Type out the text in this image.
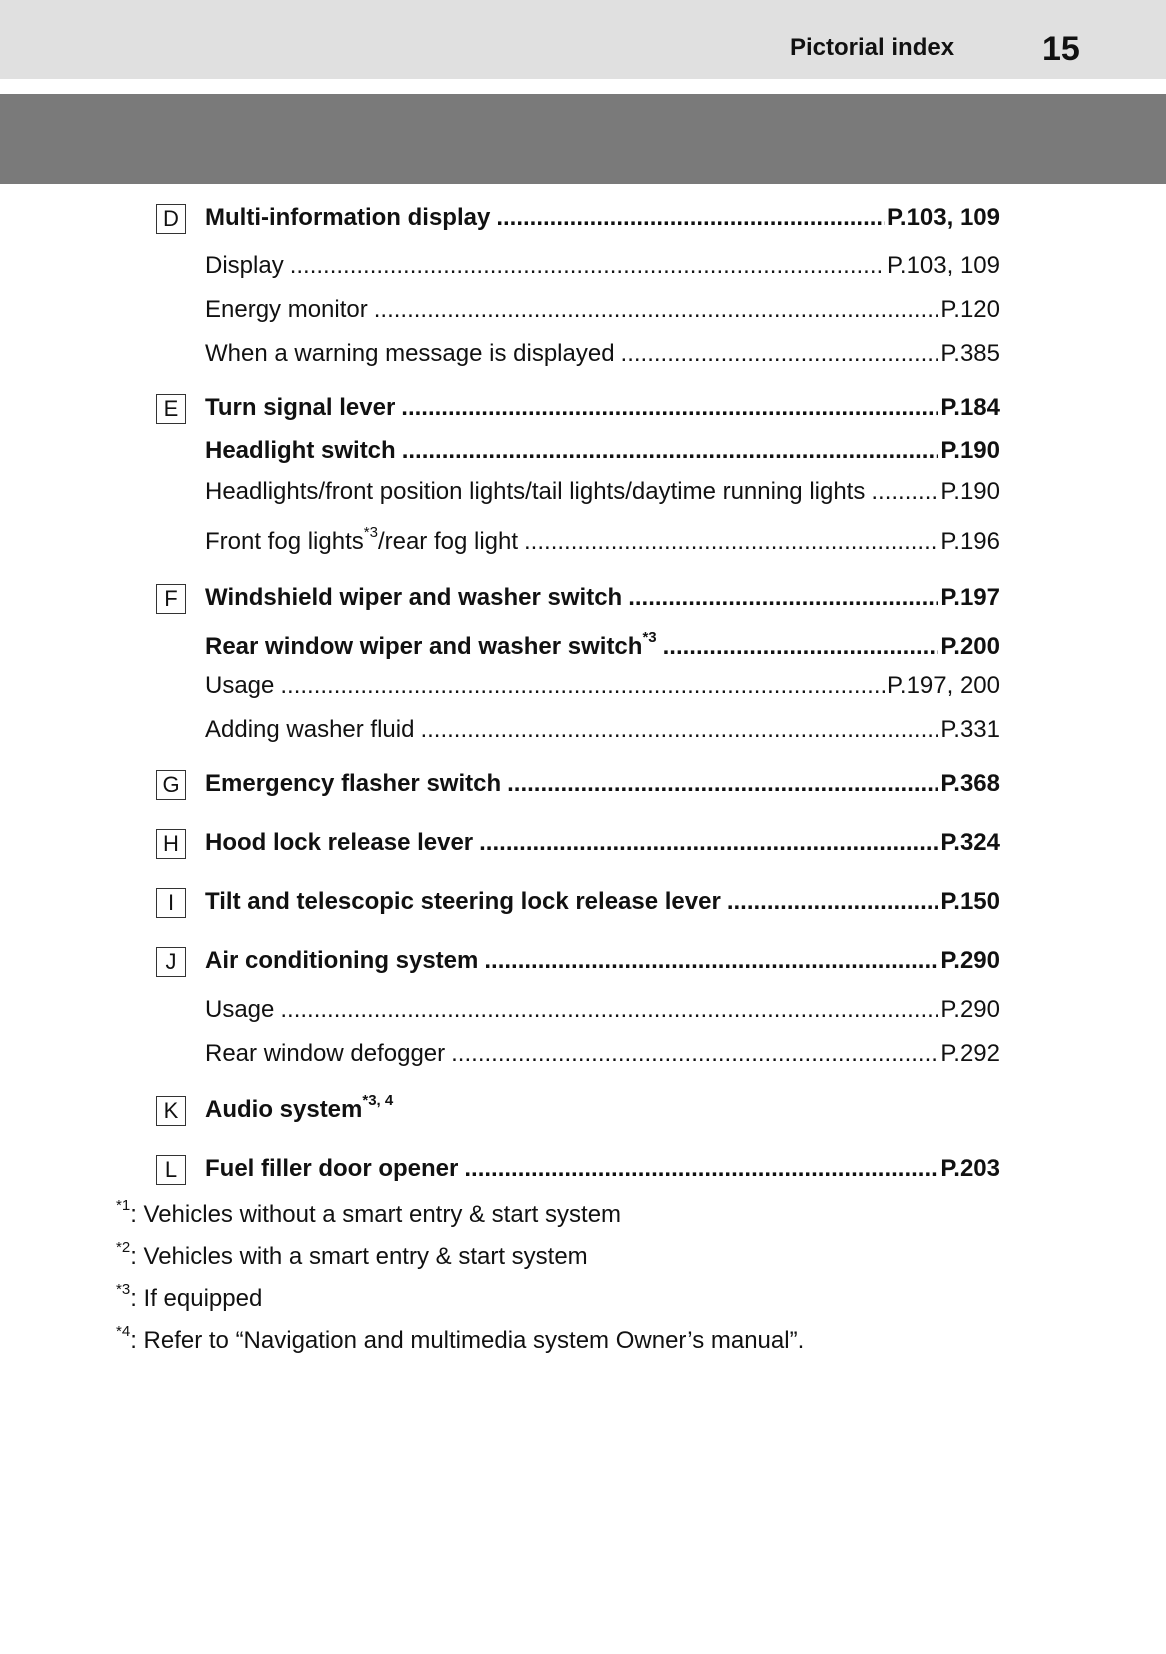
Pictorial index	15
D Multi-information display .....	P.103, 109
Display .....	P.103, 109
Energy monitor .....	P.120
When a warning message is displayed .....	P.385
E	Turn signal lever .....	P.184
Headlight switch .....	P.190
Headlights/front position lights/tail lights/daytime running lights .....	P.190
Front fog lights$^{*3}$/rear fog light .....	P.196
F	Windshield wiper and washer switch .....	P.197
Rear window wiper and washer switch$^{*3}$ .....	P.200
Usage .....	P.197, 200
Adding washer fluid .....	P.331
G Emergency flasher switch .....	P.368
H Hood lock release lever .....	P.324
I	Tilt and telescopic steering lock release lever .....	P.150
J	Air conditioning system .....	P.290
Usage .....	P.290
Rear window defogger .....	P.292
K	Audio system$^{*3, 4}$
L	Fuel filler door opener .....	P.203
$^{*1}$: Vehicles without a smart entry & start system
$^{*2}$: Vehicles with a smart entry & start system
$^{*3}$: If equipped
$^{*4}$: Refer to “Navigation and multimedia system Owner’s manual”.
